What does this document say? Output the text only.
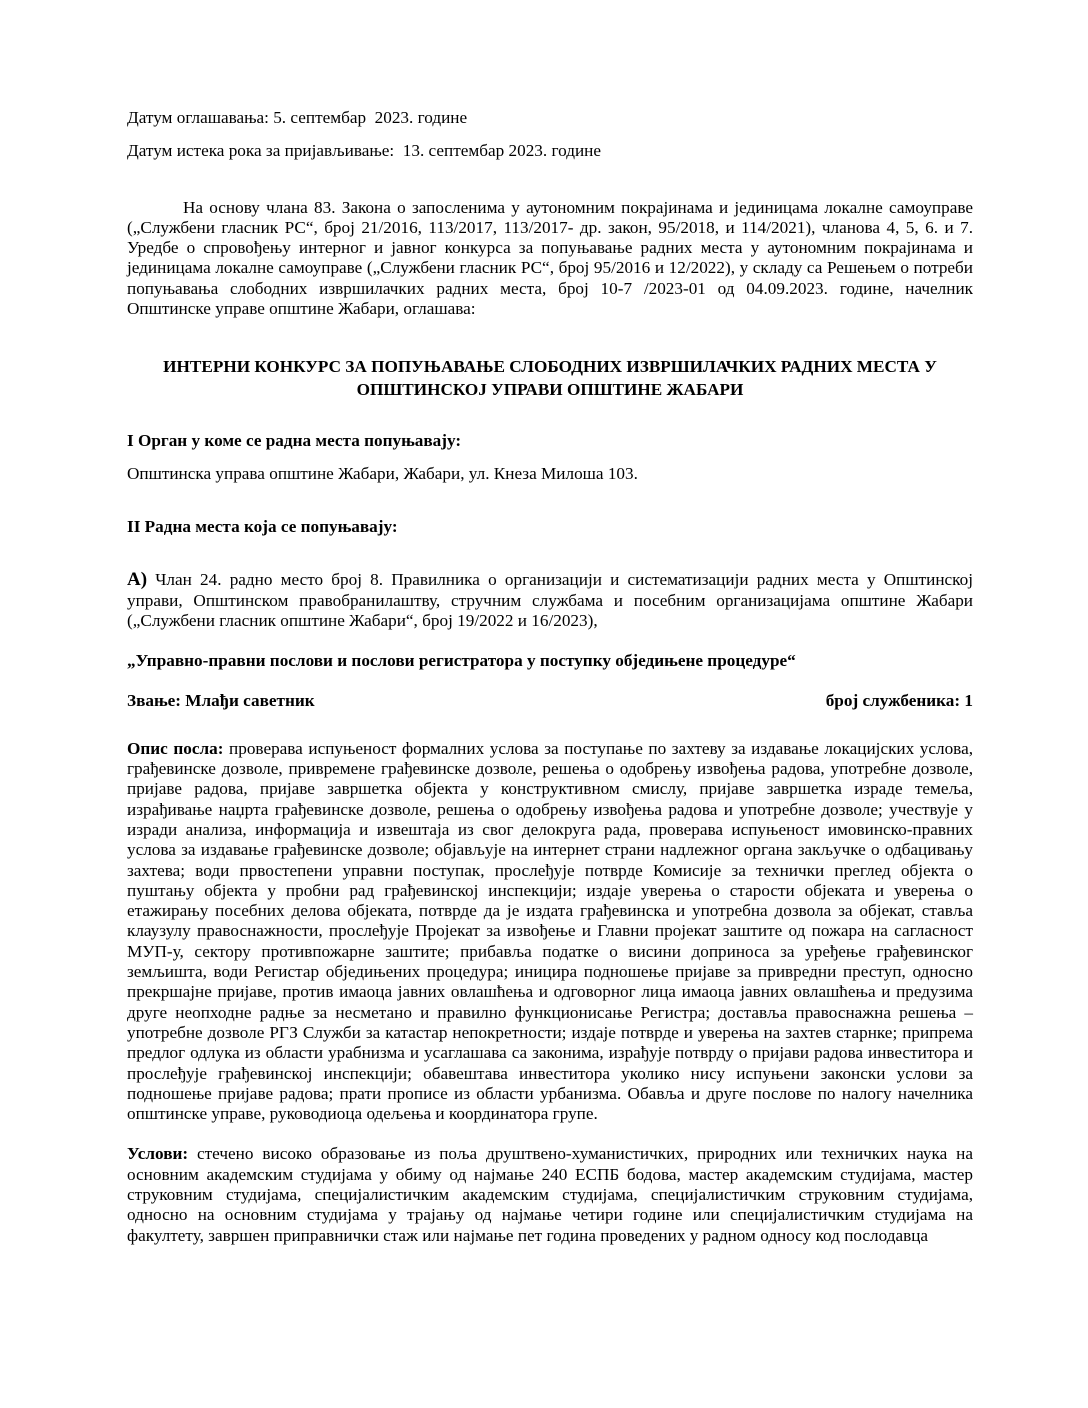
Датум оглашавања: 5. септембар  2023. године
Датум истека рока за пријављивање:  13. септембар 2023. године

На основу члана 83. Закона о запосленима у аутономним покрајинама и јединицама локалне самоуправе („Службени гласник РС“, број 21/2016, 113/2017, 113/2017- др. закон, 95/2018, и 114/2021), чланова 4, 5, 6. и 7. Уредбе о спровођењу интерног и јавног конкурса за попуњавање радних места у аутономним покрајинама и јединицама локалне самоуправе („Службени гласник РС“, број 95/2016 и 12/2022), у складу са Решењем о потреби попуњавања слободних извршилачких радних места, број 10-7 /2023-01 од 04.09.2023. године, начелник Општинске управе општине Жабари, оглашава:

ИНТЕРНИ КОНКУРС ЗА ПОПУЊАВАЊЕ СЛОБОДНИХ ИЗВРШИЛАЧКИХ РАДНИХ МЕСТА У
ОПШТИНСКОЈ УПРАВИ ОПШТИНЕ ЖАБАРИ
I Орган у коме се радна места попуњавају:
Општинска управа општине Жабари, Жабари, ул. Кнеза Милоша 103.
II Радна места која се попуњавају:

А) Члан 24. радно место број 8. Правилника о организацији и систематизацији радних места у Општинској управи, Општинском правобранилаштву, стручним службама и посебним организацијама општине Жабари („Службени гласник општине Жабари“, број 19/2022 и 16/2023),

„Управно-правни послови и послови регистратора у поступку обједињене процедуре“
Звање: Млађи саветник	број службеника: 1

Опис посла: проверава испуњеност формалних услова за поступање по захтеву за издавање локацијских услова, грађевинске дозволе, привремене грађевинске дозволе, решења о одобрењу извођења радова, употребне дозволе, пријаве радова, пријаве завршетка објекта у конструктивном смислу, пријаве завршетка израде темеља, израђивање наџрта грађевинске дозволе, решења о одобрењу извођења радова и употребне дозволе; учествује у изради анализа, информација и извештаја из свог делокруга рада, проверава испуњеност имовинско-правних услова за издавање грађевинске дозволе; објављује на интернет страни надлежног органа закључке о одбацивању захтева; води првостепени управни поступак, прослеђује потврде Комисије за технички преглед објекта о пуштању објекта у пробни рад грађевинској инспекцији; издаје уверења о старости објеката и уверења о етажирању посебних делова објеката, потврде да је издата грађевинска и употребна дозвола за објекат, ставља клаузулу правоснажности, прослеђује Пројекат за извођење и Главни пројекат заштите од пожара на сагласност МУП-у, сектору противпожарне заштите; прибавља податке о висини доприноса за уређење грађевинског земљишта, води Регистар обједињених процедура; иницира подношење пријаве за привредни преступ, односно прекршајне пријаве, против имаоца јавних овлашћења и одговорног лица имаоца јавних овлашћења и предузима друге неопходне радње за несметано и правилно функционисање Регистра; доставља правоснажна решења – употребне дозволе РГЗ Служби за катастар непокретности; издаје потврде и уверења на захтев старнке; припрема предлог одлука из области урабнизма и усаглашава са законима, израђује потврду о пријави радова инвеститора и прослеђује грађевинској инспекцији; обавештава инвеститора уколико нису испуњени законски услови за подношење пријаве радова; прати прописе из области урбанизма. Обавља и друге послове по налогу начелника општинске управе, руководиоца одељења и координатора групе.

Услови: стечено високо образовање из поља друштвено-хуманистичких, природних или техничких наука на основним академским студијама у обиму од најмање 240 ЕСПБ бодова, мастер академским студијама, мастер струковним студијама, специјалистичким академским студијама, специјалистичким струковним студијама, односно на основним студијама у трајању од најмање четири године или специјалистичким студијама на факултету, завршен приправнички стаж или најмање пет година проведених у радном односу код послодавца
